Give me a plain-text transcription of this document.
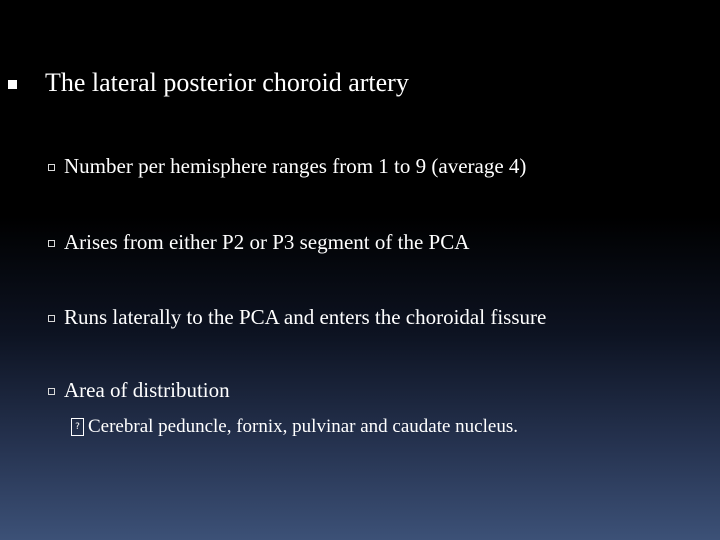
The lateral posterior choroid artery
Number per hemisphere ranges from 1 to 9 (average 4)
Arises from either P2 or P3 segment of the PCA
Runs laterally to the PCA and enters the choroidal fissure
Area of distribution
? Cerebral peduncle, fornix, pulvinar and caudate nucleus.
